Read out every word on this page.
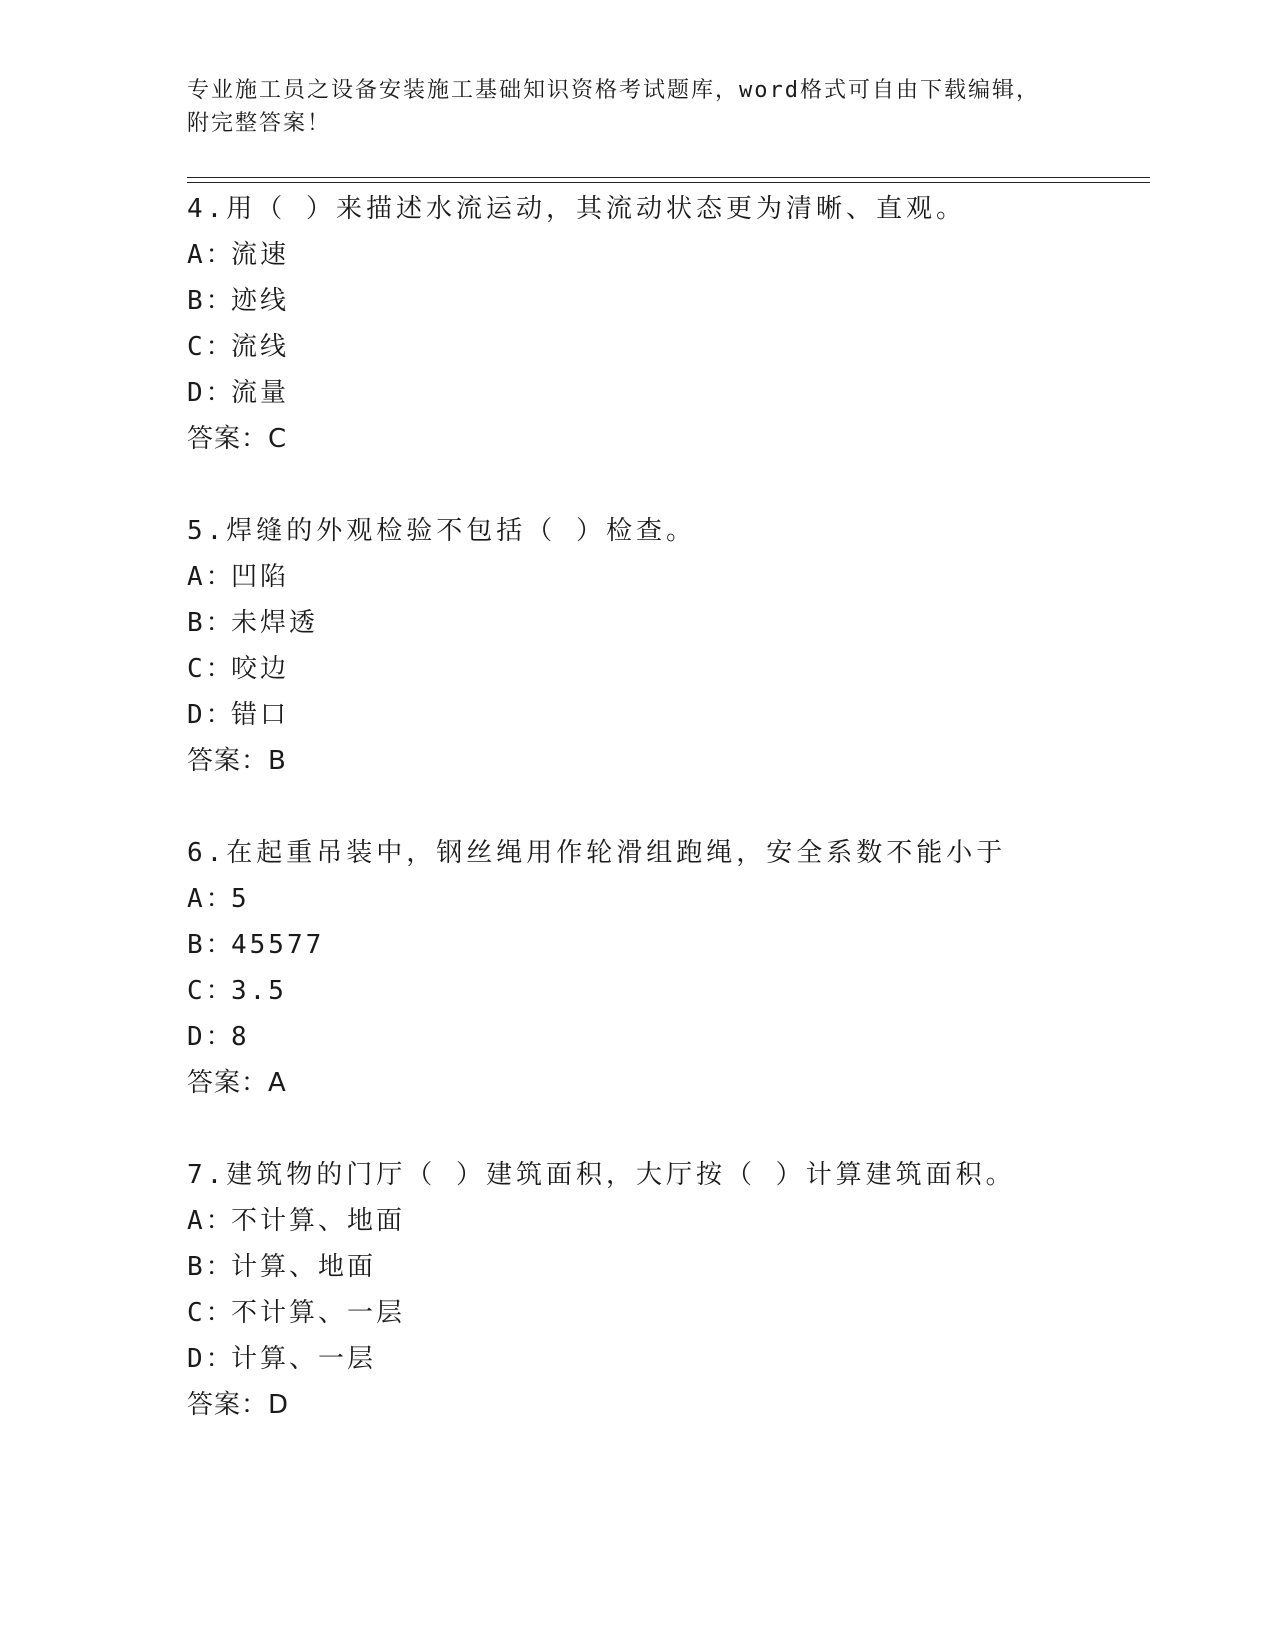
专业施工员之设备安装施工基础知识资格考试题库，word格式可自由下载编辑，
附完整答案！
4.用（ ）来描述水流运动，其流动状态更为清晰、直观。
A：流速
B：迹线
C：流线
D：流量
答案：C
5.焊缝的外观检验不包括（ ）检查。
A：凹陷
B：未焊透
C：咬边
D：错口
答案：B
6.在起重吊装中，钢丝绳用作轮滑组跑绳，安全系数不能小于
A：5
B：45577
C：3.5
D：8
答案：A
7.建筑物的门厅（ ）建筑面积，大厅按（ ）计算建筑面积。
A：不计算、地面
B：计算、地面
C：不计算、一层
D：计算、一层
答案：D
